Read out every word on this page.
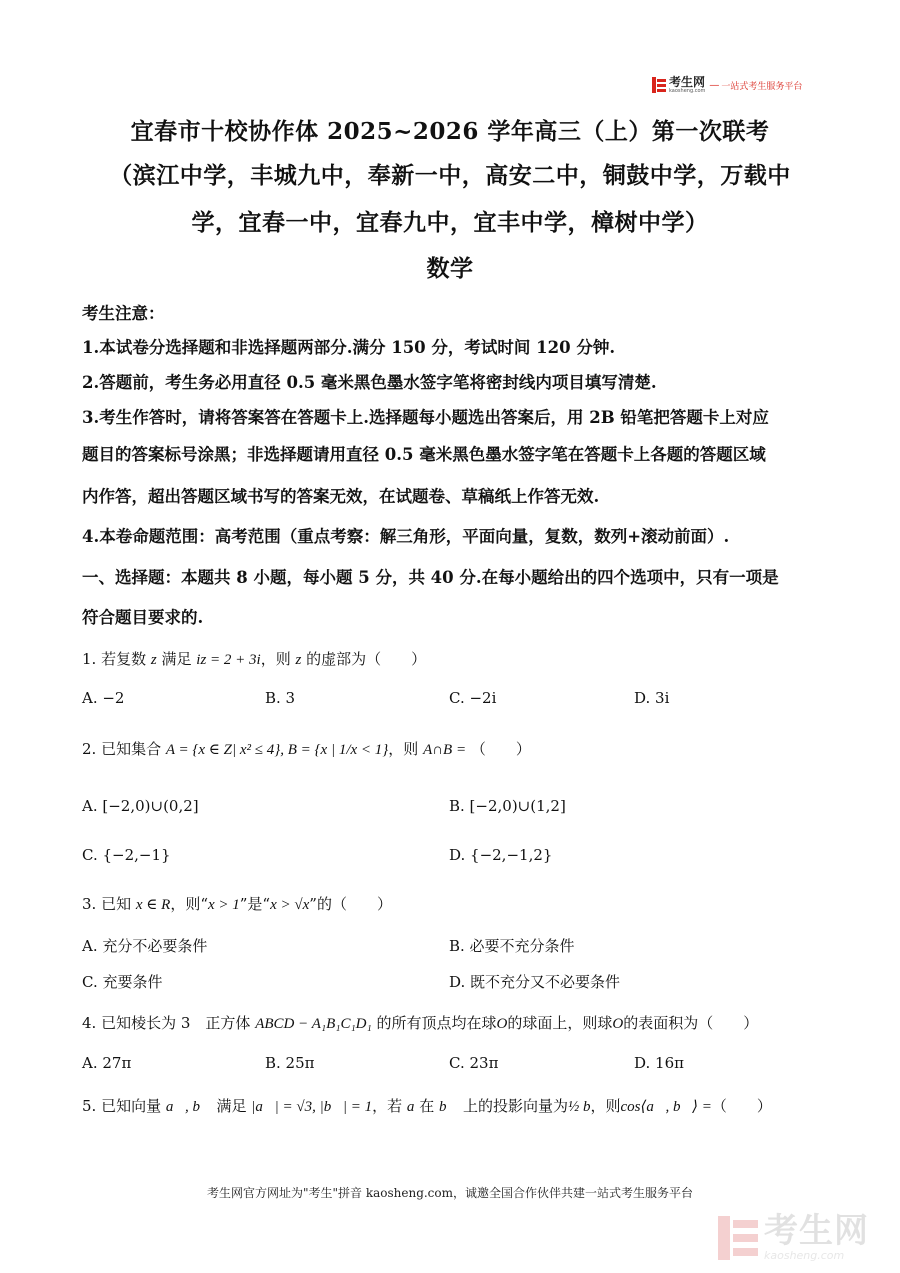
考生网
kaosheng.com
— 一站式考生服务平台
宜春市十校协作体 2025~2026 学年高三（上）第一次联考
（滨江中学，丰城九中，奉新一中，高安二中，铜鼓中学，万载中
学，宜春一中，宜春九中，宜丰中学，樟树中学）
数学
考生注意：
1.本试卷分选择题和非选择题两部分.满分 150 分，考试时间 120 分钟.
2.答题前，考生务必用直径 0.5 毫米黑色墨水签字笔将密封线内项目填写清楚.
3.考生作答时，请将答案答在答题卡上.选择题每小题选出答案后，用 2B 铅笔把答题卡上对应
题目的答案标号涂黑；非选择题请用直径 0.5 毫米黑色墨水签字笔在答题卡上各题的答题区域
内作答，超出答题区域书写的答案无效，在试题卷、草稿纸上作答无效.
4.本卷命题范围：高考范围（重点考察：解三角形，平面向量，复数，数列+滚动前面）.
一、选择题：本题共 8 小题，每小题 5 分，共 40 分.在每小题给出的四个选项中，只有一项是
符合题目要求的.
1. 若复数 z 满足 iz = 2 + 3i，则 z 的虚部为（　　）
A. −2	B. 3	C. −2i	D. 3i
2. 已知集合 A = {x ∈ Z| x² ≤ 4}, B = {x | 1/x < 1}，则 A∩B = （　　）
A. [−2,0)∪(0,2]	B. [−2,0)∪(1,2]
C. {−2,−1}	D. {−2,−1,2}
3. 已知 x ∈ R，则“x > 1”是“x > √x”的（　　）
A. 充分不必要条件	B. 必要不充分条件
C. 充要条件	D. 既不充分又不必要条件
4. 已知棱长为 3　正方体 ABCD − A₁B₁C₁D₁ 的所有顶点均在球O的球面上，则球O的表面积为（　　）
A. 27π	B. 25π	C. 23π	D. 16π
5. 已知向量 a⃗, b⃗ 满足 |a⃗| = √3, |b⃗| = 1，若 a 在 b⃗ 上的投影向量为½ b，则cos⟨a⃗, b⃗⟩ =（　　）
考生网官方网址为"考生"拼音 kaosheng.com，诚邀全国合作伙伴共建一站式考生服务平台
考生网
kaosheng.com
